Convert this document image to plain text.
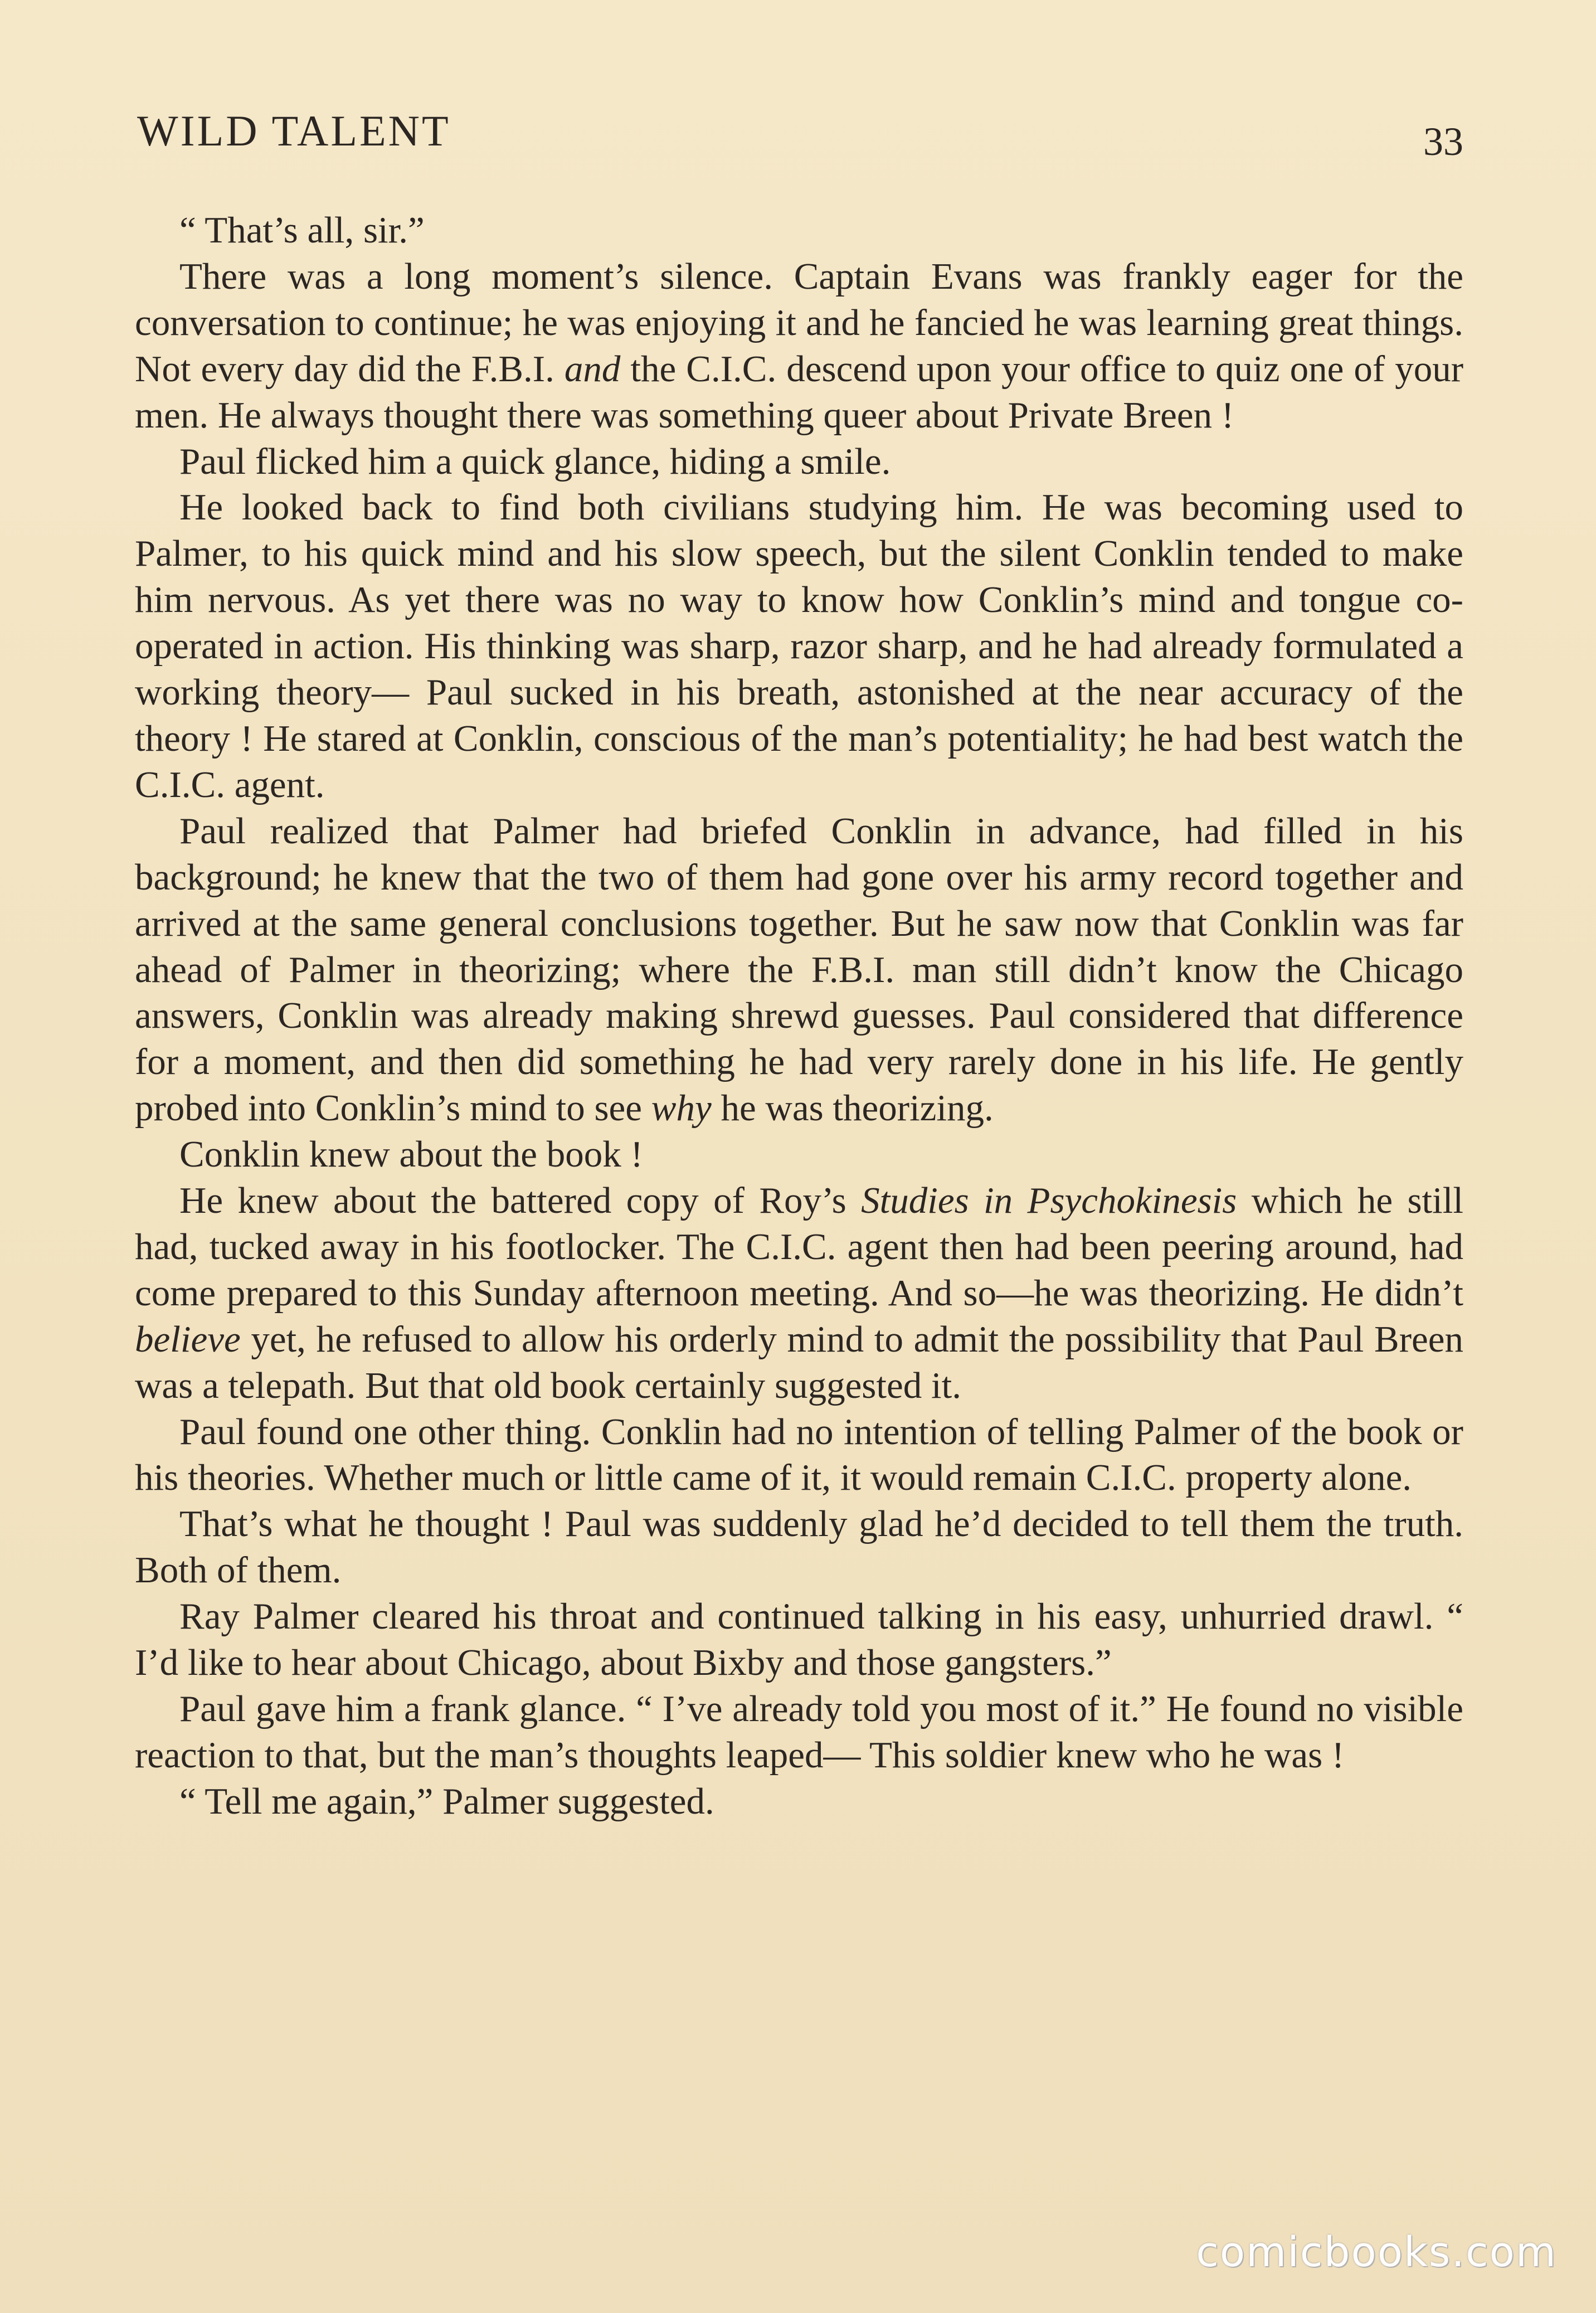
WILD TALENT	33

“ That’s all, sir.”

There was a long moment’s silence. Captain Evans was frankly eager for the conversation to continue; he was enjoying it and he fancied he was learning great things. Not every day did the F.B.I. and the C.I.C. descend upon your office to quiz one of your men. He always thought there was something queer about Private Breen !

Paul flicked him a quick glance, hiding a smile.

He looked back to find both civilians studying him. He was becoming used to Palmer, to his quick mind and his slow speech, but the silent Conklin tended to make him nervous. As yet there was no way to know how Conklin’s mind and tongue co-operated in action. His thinking was sharp, razor sharp, and he had already formulated a working theory— Paul sucked in his breath, astonished at the near accuracy of the theory ! He stared at Conklin, conscious of the man’s potentiality; he had best watch the C.I.C. agent.

Paul realized that Palmer had briefed Conklin in advance, had filled in his background; he knew that the two of them had gone over his army record together and arrived at the same general conclusions together. But he saw now that Conklin was far ahead of Palmer in theorizing; where the F.B.I. man still didn’t know the Chicago answers, Conklin was already making shrewd guesses. Paul considered that difference for a moment, and then did something he had very rarely done in his life. He gently probed into Conklin’s mind to see why he was theorizing.

Conklin knew about the book !

He knew about the battered copy of Roy’s Studies in Psychokinesis which he still had, tucked away in his footlocker. The C.I.C. agent then had been peering around, had come prepared to this Sunday afternoon meeting. And so—he was theorizing. He didn’t believe yet, he refused to allow his orderly mind to admit the possibility that Paul Breen was a telepath. But that old book certainly suggested it.

Paul found one other thing. Conklin had no intention of telling Palmer of the book or his theories. Whether much or little came of it, it would remain C.I.C. property alone.

That’s what he thought ! Paul was suddenly glad he’d decided to tell them the truth. Both of them.

Ray Palmer cleared his throat and continued talking in his easy, unhurried drawl. “ I’d like to hear about Chicago, about Bixby and those gangsters.”

Paul gave him a frank glance. “ I’ve already told you most of it.” He found no visible reaction to that, but the man’s thoughts leaped— This soldier knew who he was !

“ Tell me again,” Palmer suggested.

comicbooks.com
